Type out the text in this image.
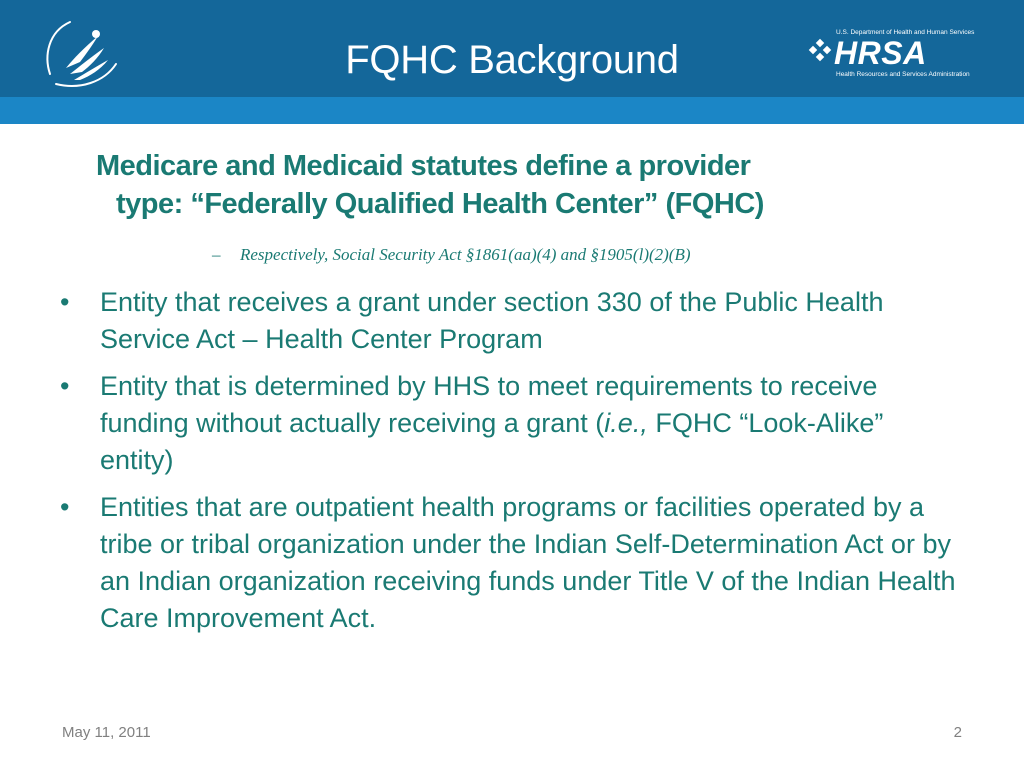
FQHC Background
U.S. Department of Health and Human Services
HRSA
Health Resources and Services Administration
Medicare and Medicaid statutes define a provider
type: “Federally Qualified Health Center” (FQHC)
– Respectively, Social Security Act §1861(aa)(4) and §1905(l)(2)(B)
• Entity that receives a grant under section 330 of the Public Health Service Act – Health Center Program
• Entity that is determined by HHS to meet requirements to receive funding without actually receiving a grant (i.e., FQHC “Look-Alike” entity)
• Entities that are outpatient health programs or facilities operated by a tribe or tribal organization under the Indian Self-Determination Act or by an Indian organization receiving funds under Title V of the Indian Health Care Improvement Act.
May 11, 2011	2
